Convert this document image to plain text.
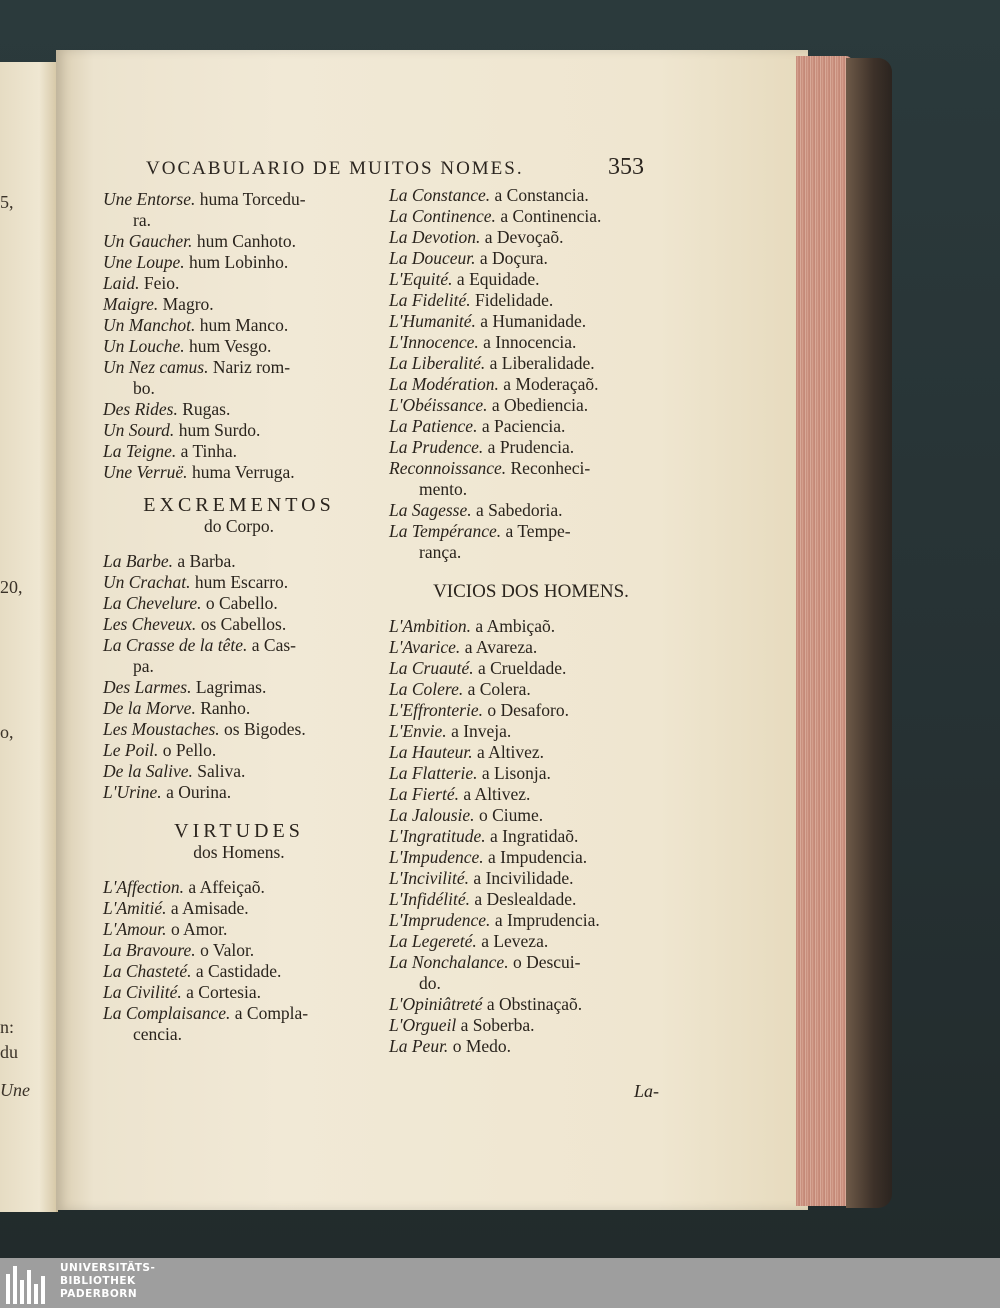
5,
20,
o,
n:
du
Une
VOCABULARIO DE MUITOS NOMES.	353
Une Entorse. huma Torcedu-
ra.
Un Gaucher. hum Canhoto.
Une Loupe. hum Lobinho.
Laid. Feio.
Maigre. Magro.
Un Manchot. hum Manco.
Un Louche. hum Vesgo.
Un Nez camus. Nariz rom-
bo.
Des Rides. Rugas.
Un Sourd. hum Surdo.
La Teigne. a Tinha.
Une Verruë. huma Verruga.
EXCREMENTOS
do Corpo.
La Barbe. a Barba.
Un Crachat. hum Escarro.
La Chevelure. o Cabello.
Les Cheveux. os Cabellos.
La Crasse de la tête. a Cas-
pa.
Des Larmes. Lagrimas.
De la Morve. Ranho.
Les Moustaches. os Bigodes.
Le Poil. o Pello.
De la Salive. Saliva.
L'Urine. a Ourina.
VIRTUDES
dos Homens.
L'Affection. a Affeiçaõ.
L'Amitié. a Amisade.
L'Amour. o Amor.
La Bravoure. o Valor.
La Chasteté. a Castidade.
La Civilité. a Cortesia.
La Complaisance. a Compla-
cencia.
La Constance. a Constancia.
La Continence. a Continencia.
La Devotion. a Devoçaõ.
La Douceur. a Doçura.
L'Equité. a Equidade.
La Fidelité. Fidelidade.
L'Humanité. a Humanidade.
L'Innocence. a Innocencia.
La Liberalité. a Liberalidade.
La Modération. a Moderaçaõ.
L'Obéissance. a Obediencia.
La Patience. a Paciencia.
La Prudence. a Prudencia.
Reconnoissance. Reconheci-
mento.
La Sagesse. a Sabedoria.
La Tempérance. a Tempe-
rança.
VICIOS DOS HOMENS.
L'Ambition. a Ambiçaõ.
L'Avarice. a Avareza.
La Cruauté. a Crueldade.
La Colere. a Colera.
L'Effronterie. o Desaforo.
L'Envie. a Inveja.
La Hauteur. a Altivez.
La Flatterie. a Lisonja.
La Fierté. a Altivez.
La Jalousie. o Ciume.
L'Ingratitude. a Ingratidaõ.
L'Impudence. a Impudencia.
L'Incivilité. a Incivilidade.
L'Infidélité. a Deslealdade.
L'Imprudence. a Imprudencia.
La Legereté. a Leveza.
La Nonchalance. o Descui-
do.
L'Opiniâtreté a Obstinaçaõ.
L'Orgueil a Soberba.
La Peur. o Medo.
La-
UNIVERSITÄTS-
BIBLIOTHEK
PADERBORN
